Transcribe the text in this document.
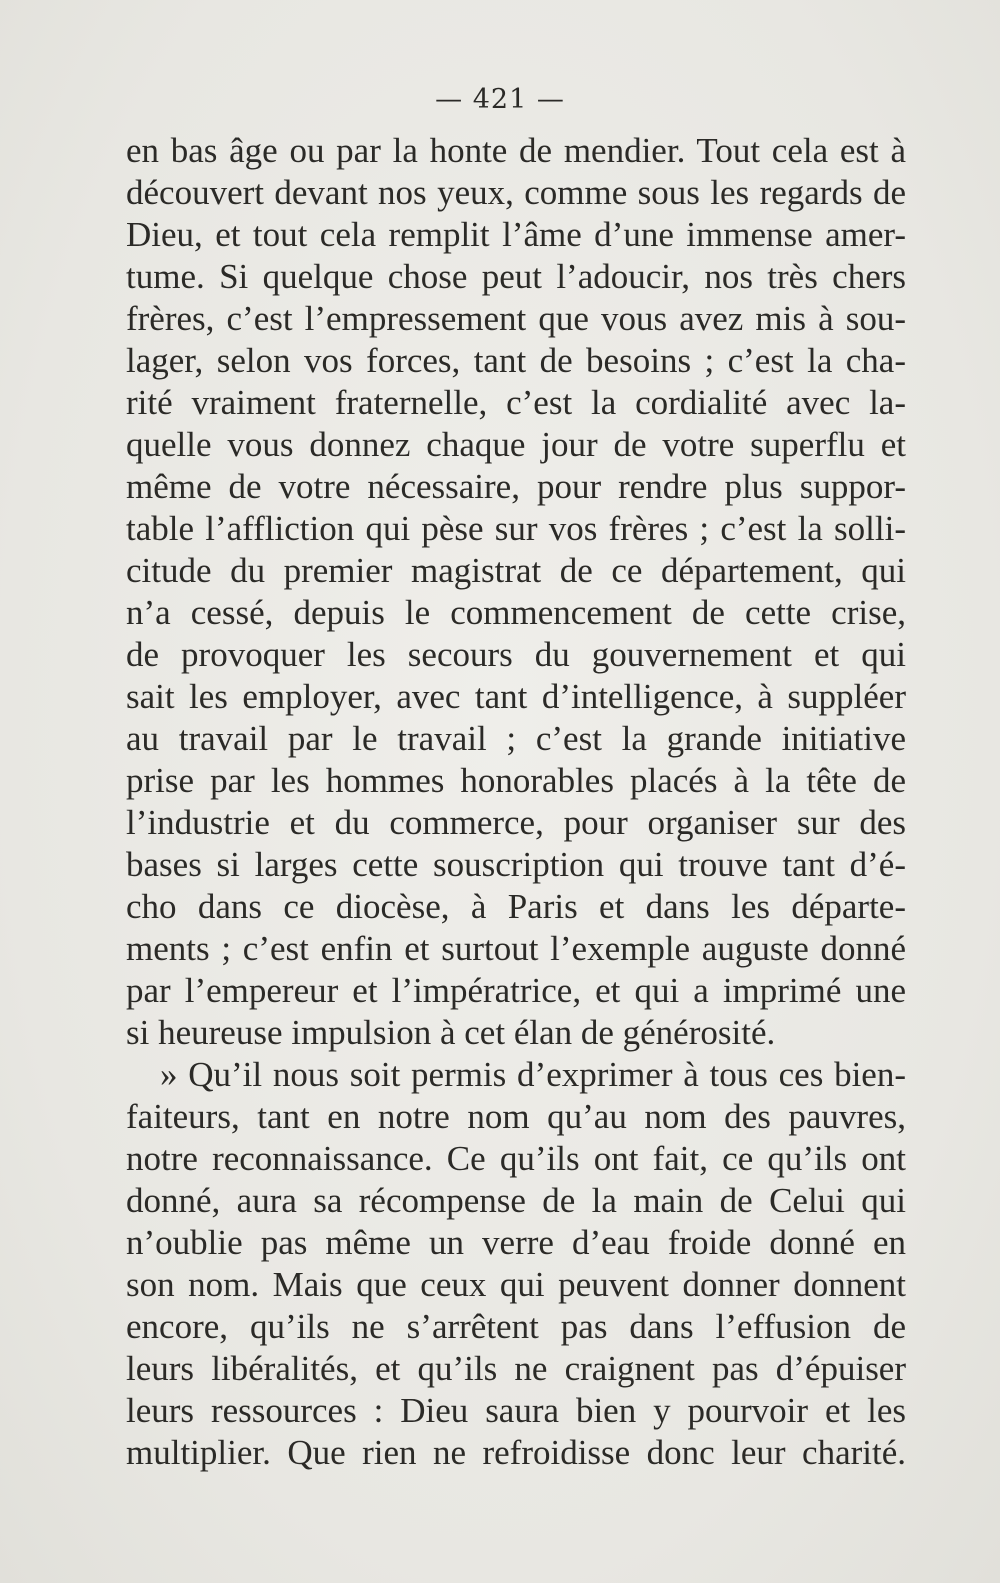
— 421 —
en bas âge ou par la honte de mendier. Tout cela est à
découvert devant nos yeux, comme sous les regards de
Dieu, et tout cela remplit l’âme d’une immense amer-
tume. Si quelque chose peut l’adoucir, nos très chers
frères, c’est l’empressement que vous avez mis à sou-
lager, selon vos forces, tant de besoins ; c’est la cha-
rité vraiment fraternelle, c’est la cordialité avec la-
quelle vous donnez chaque jour de votre superflu et
même de votre nécessaire, pour rendre plus suppor-
table l’affliction qui pèse sur vos frères ; c’est la solli-
citude du premier magistrat de ce département, qui
n’a cessé, depuis le commencement de cette crise,
de provoquer les secours du gouvernement et qui
sait les employer, avec tant d’intelligence, à suppléer
au travail par le travail ; c’est la grande initiative
prise par les hommes honorables placés à la tête de
l’industrie et du commerce, pour organiser sur des
bases si larges cette souscription qui trouve tant d’é-
cho dans ce diocèse, à Paris et dans les départe-
ments ; c’est enfin et surtout l’exemple auguste donné
par l’empereur et l’impératrice, et qui a imprimé une
si heureuse impulsion à cet élan de générosité.
» Qu’il nous soit permis d’exprimer à tous ces bien-
faiteurs, tant en notre nom qu’au nom des pauvres,
notre reconnaissance. Ce qu’ils ont fait, ce qu’ils ont
donné, aura sa récompense de la main de Celui qui
n’oublie pas même un verre d’eau froide donné en
son nom. Mais que ceux qui peuvent donner donnent
encore, qu’ils ne s’arrêtent pas dans l’effusion de
leurs libéralités, et qu’ils ne craignent pas d’épuiser
leurs ressources : Dieu saura bien y pourvoir et les
multiplier. Que rien ne refroidisse donc leur charité.
